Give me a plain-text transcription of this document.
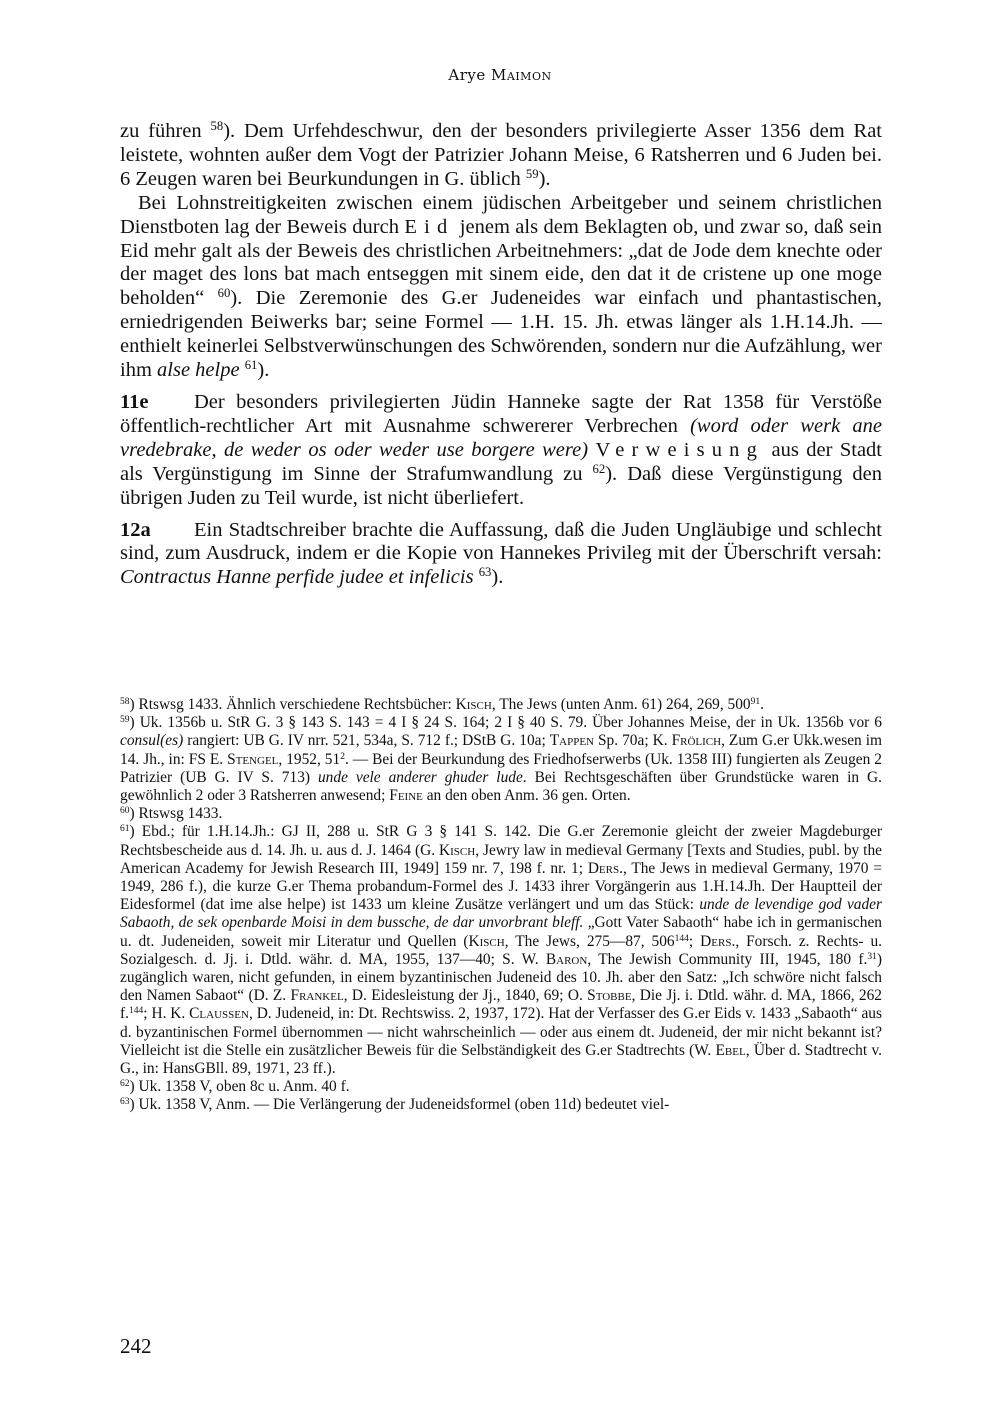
Arye Maimon

zu führen $^{58}$). Dem Urfehdeschwur, den der besonders privilegierte Asser 1356 dem Rat leistete, wohnten außer dem Vogt der Patrizier Johann Meise, 6 Ratsherren und 6 Juden bei. 6 Zeugen waren bei Beurkundungen in G. üblich $^{59}$).

Bei Lohnstreitigkeiten zwischen einem jüdischen Arbeitgeber und seinem christlichen Dienstboten lag der Beweis durch Eid jenem als dem Beklagten ob, und zwar so, daß sein Eid mehr galt als der Beweis des christlichen Arbeitnehmers: „dat de Jode dem knechte oder der maget des lons bat mach entseggen mit sinem eide, den dat it de cristene up one moge beholden“ $^{60}$). Die Zeremonie des G.er Judeneides war einfach und phantastischen, erniedrigenden Beiwerks bar; seine Formel — 1.H. 15. Jh. etwas länger als 1.H.14.Jh. — enthielt keinerlei Selbstverwünschungen des Schwörenden, sondern nur die Aufzählung, wer ihm alse helpe $^{61}$).

11e Der besonders privilegierten Jüdin Hanneke sagte der Rat 1358 für Verstöße öffentlich-rechtlicher Art mit Ausnahme schwererer Verbrechen (word oder werk ane vredebrake, de weder os oder weder use borgere were) Verweisung aus der Stadt als Vergünstigung im Sinne der Strafumwandlung zu $^{62}$). Daß diese Vergünstigung den übrigen Juden zu Teil wurde, ist nicht überliefert.

12a Ein Stadtschreiber brachte die Auffassung, daß die Juden Ungläubige und schlecht sind, zum Ausdruck, indem er die Kopie von Hannekes Privileg mit der Überschrift versah: Contractus Hanne perfide judee et infelicis $^{63}$).

$^{58}$) Rtswsg 1433. Ähnlich verschiedene Rechtsbücher: Kisch, The Jews (unten Anm. 61) 264, 269, $500^{91}$.

$^{59}$) Uk. 1356b u. StR G. 3 § 143 S. 143 = 4 I § 24 S. 164; 2 I § 40 S. 79. Über Johannes Meise, der in Uk. 1356b vor 6 consul(es) rangiert: UB G. IV nrr. 521, 534a, S. 712 f.; DStB G. 10a; Tappen Sp. 70a; K. Frölich, Zum G.er Ukk.wesen im 14. Jh., in: FS E. Stengel, 1952, $51^2$. — Bei der Beurkundung des Friedhofserwerbs (Uk. 1358 III) fungierten als Zeugen 2 Patrizier (UB G. IV S. 713) unde vele anderer ghuder lude. Bei Rechtsgeschäften über Grundstücke waren in G. gewöhnlich 2 oder 3 Ratsherren anwesend; Feine an den oben Anm. 36 gen. Orten.

$^{60}$) Rtswsg 1433.

$^{61}$) Ebd.; für 1.H.14.Jh.: GJ II, 288 u. StR G 3 § 141 S. 142. Die G.er Zeremonie gleicht der zweier Magdeburger Rechtsbescheide aus d. 14. Jh. u. aus d. J. 1464 (G. Kisch, Jewry law in medieval Germany [Texts and Studies, publ. by the American Academy for Jewish Research III, 1949] 159 nr. 7, 198 f. nr. 1; Ders., The Jews in medieval Germany, 1970 = 1949, 286 f.), die kurze G.er Thema probandum-Formel des J. 1433 ihrer Vorgängerin aus 1.H.14.Jh. Der Hauptteil der Eidesformel (dat ime alse helpe) ist 1433 um kleine Zusätze verlängert und um das Stück: unde de levendige god vader Sabaoth, de sek openbarde Moisi in dem bussche, de dar unvorbrant bleff. „Gott Vater Sabaoth“ habe ich in germanischen u. dt. Judeneiden, soweit mir Literatur und Quellen (Kisch, The Jews, 275—87, $506^{144}$; Ders., Forsch. z. Rechts- u. Sozialgesch. d. Jj. i. Dtld. währ. d. MA, 1955, 137—40; S. W. Baron, The Jewish Community III, 1945, 180 f.$^{31}$) zugänglich waren, nicht gefunden, in einem byzantinischen Judeneid des 10. Jh. aber den Satz: „Ich schwöre nicht falsch den Namen Sabaot“ (D. Z. Frankel, D. Eidesleistung der Jj., 1840, 69; O. Stobbe, Die Jj. i. Dtld. währ. d. MA, 1866, 262 f.$^{144}$; H. K. Claussen, D. Judeneid, in: Dt. Rechtswiss. 2, 1937, 172). Hat der Verfasser des G.er Eids v. 1433 „Sabaoth“ aus d. byzantinischen Formel übernommen — nicht wahrscheinlich — oder aus einem dt. Judeneid, der mir nicht bekannt ist? Vielleicht ist die Stelle ein zusätzlicher Beweis für die Selbständigkeit des G.er Stadtrechts (W. Ebel, Über d. Stadtrecht v. G., in: HansGBll. 89, 1971, 23 ff.).

$^{62}$) Uk. 1358 V, oben 8c u. Anm. 40 f.

$^{63}$) Uk. 1358 V, Anm. — Die Verlängerung der Judeneidsformel (oben 11d) bedeutet viel-

242
